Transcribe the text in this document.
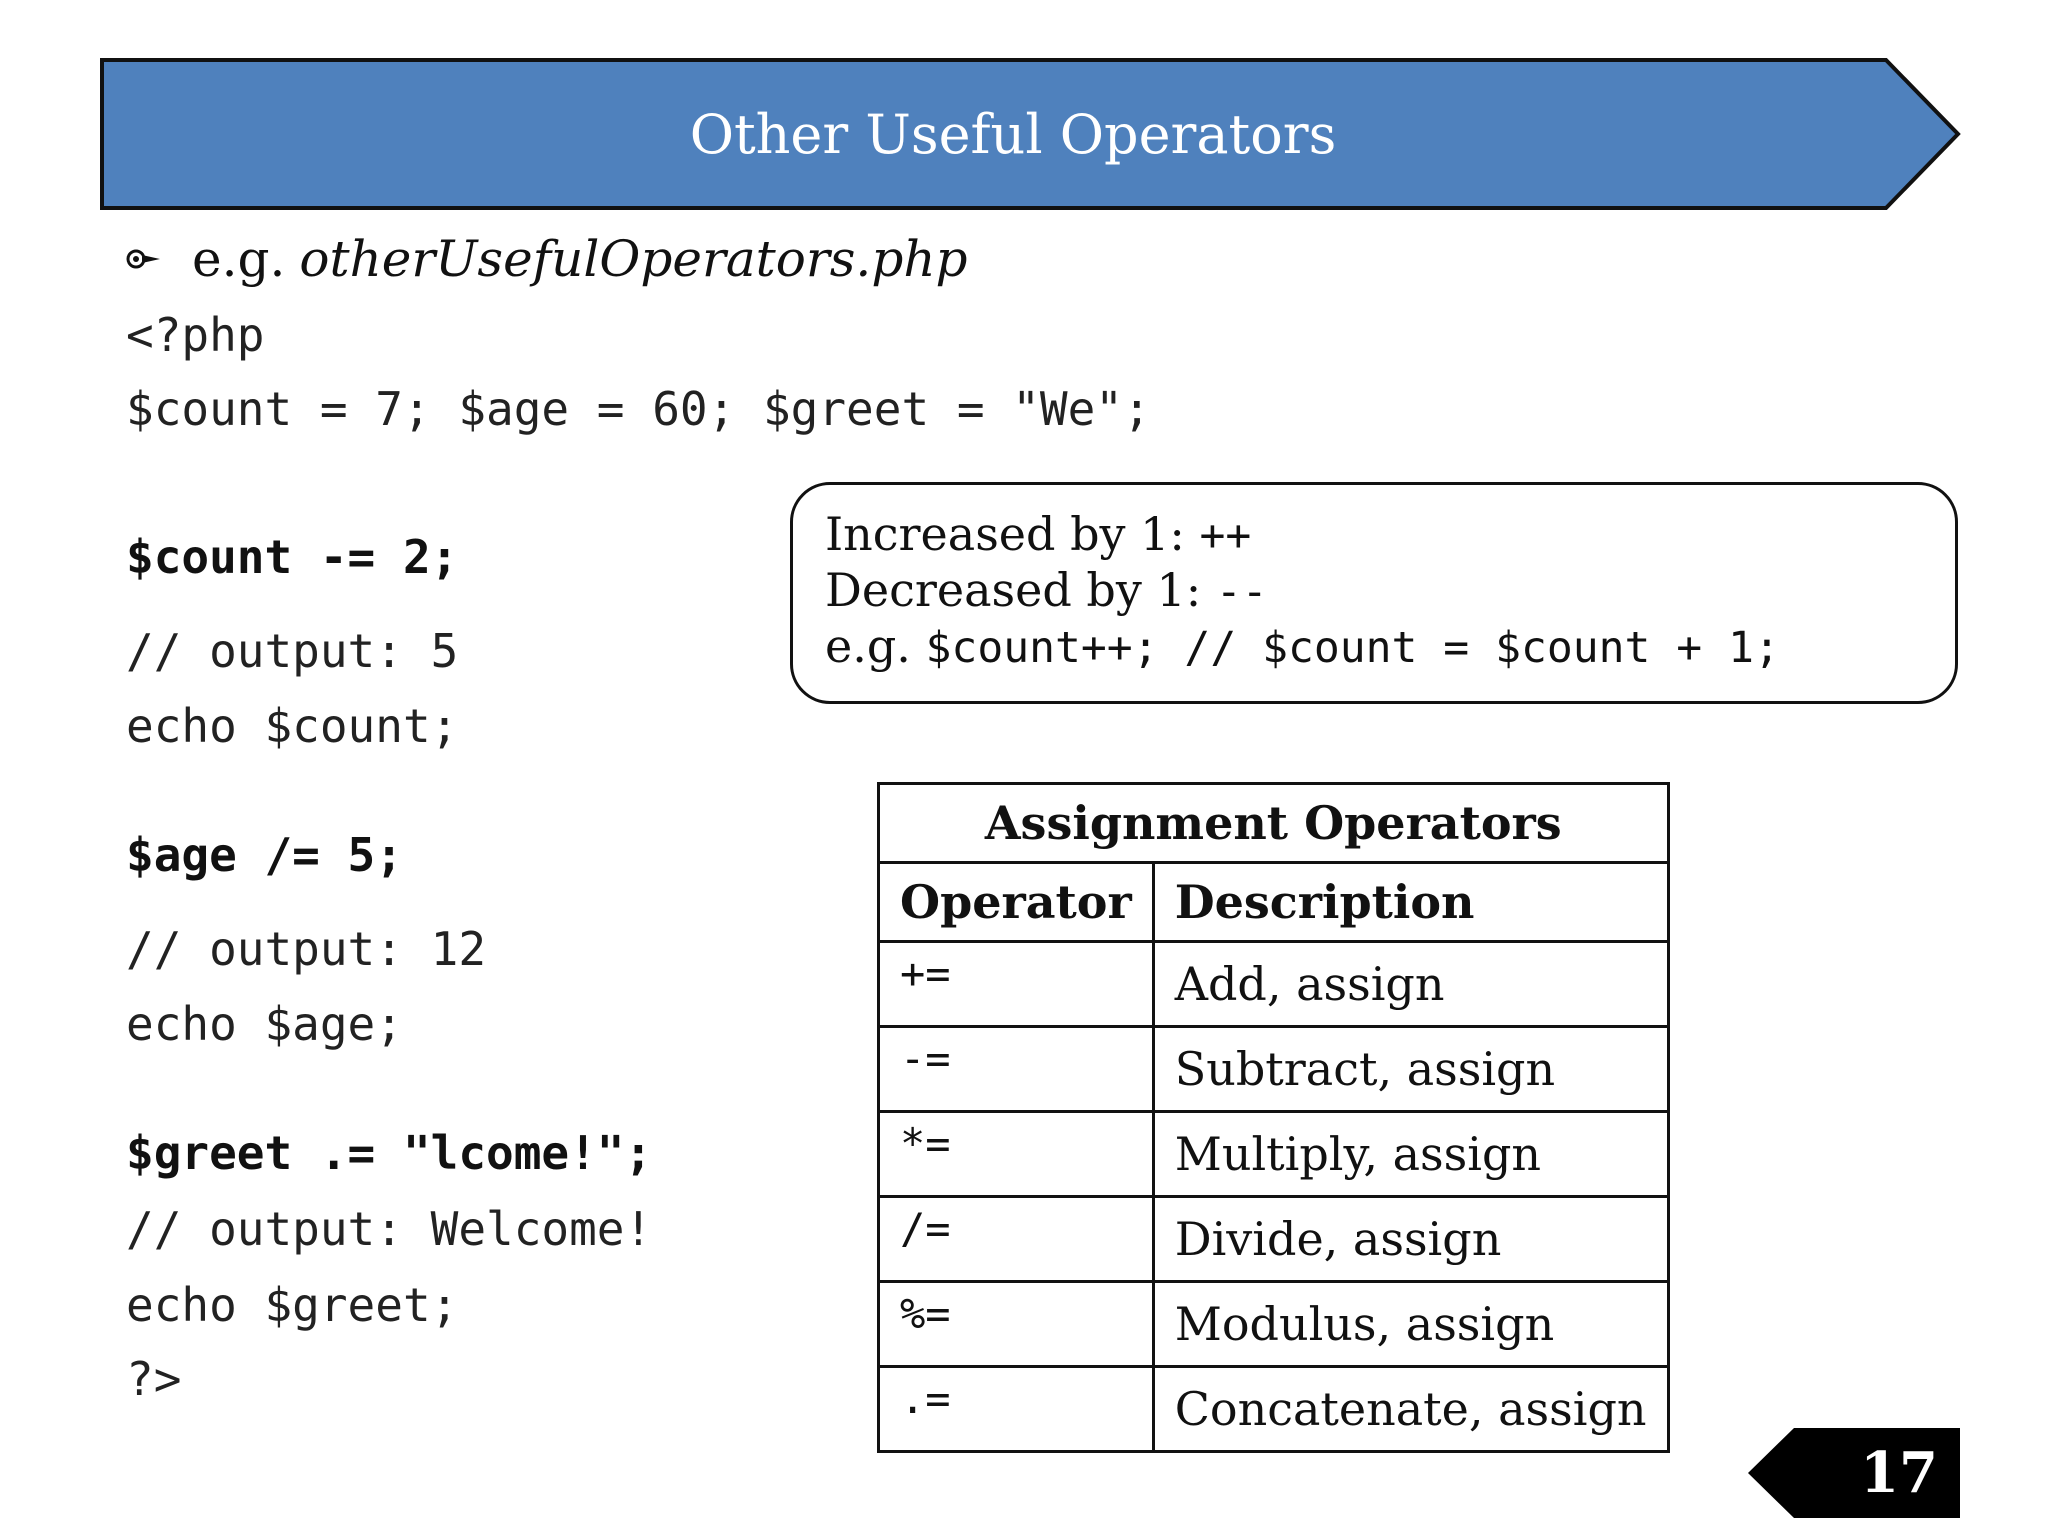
Other Useful Operators
e.g. otherUsefulOperators.php
<?php
$count = 7; $age = 60; $greet = "We";
$count -= 2;
// output: 5
echo $count;
$age /= 5;
// output: 12
echo $age;
$greet .= "lcome!";
// output: Welcome!
echo $greet;
?>
Increased by 1: ++
Decreased by 1: --
e.g. $count++; // $count = $count + 1;
Assignment Operators	
Operator	Description
+=	Add, assign
-=	Subtract, assign
*=	Multiply, assign
/=	Divide, assign
%=	Modulus, assign
.=	Concatenate, assign
17
